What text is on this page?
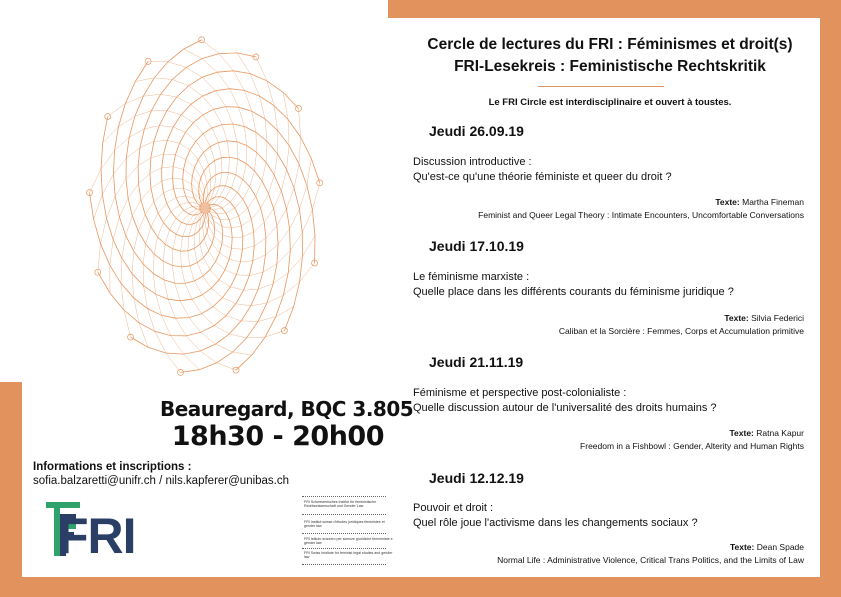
Cercle de lectures du FRI : Féminismes et droit(s)
FRI-Lesekreis : Feministische Rechtskritik
Le FRI Circle est interdisciplinaire et ouvert à toustes.
Jeudi 26.09.19
Discussion introductive :
Qu'est-ce qu'une théorie féministe et queer du droit ?
Texte: Martha Fineman
Feminist and Queer Legal Theory : Intimate Encounters, Uncomfortable Conversations
Jeudi 17.10.19
Le féminisme marxiste :
Quelle place dans les différents courants du féminisme juridique ?
Texte: Silvia Federici
Caliban et la Sorcière : Femmes, Corps et Accumulation primitive
Jeudi 21.11.19
Féminisme et perspective post-colonialiste :
Quelle discussion autour de l'universalité des droits humains ?
Texte: Ratna Kapur
Freedom in a Fishbowl : Gender, Alterity and Human Rights
Jeudi 12.12.19
Pouvoir et droit :
Quel rôle joue l'activisme dans les changements sociaux ?
Texte: Dean Spade
Normal Life : Administrative Violence, Critical Trans Politics, and the Limits of Law
Beauregard, BQC 3.805
18h30 - 20h00
Informations et inscriptions :
sofia.balzaretti@unifr.ch / nils.kapferer@unibas.ch
FRI
FRI Schweizerisches Institut für feministische Rechtswissenschaft und Gender Law
FRI Institut suisse d'études juridiques féministes et gender law
FRI Istituto svizzero per scienze giuridiche femministe e gender law
FRI Swiss Institute for feminist legal studies and gender law
